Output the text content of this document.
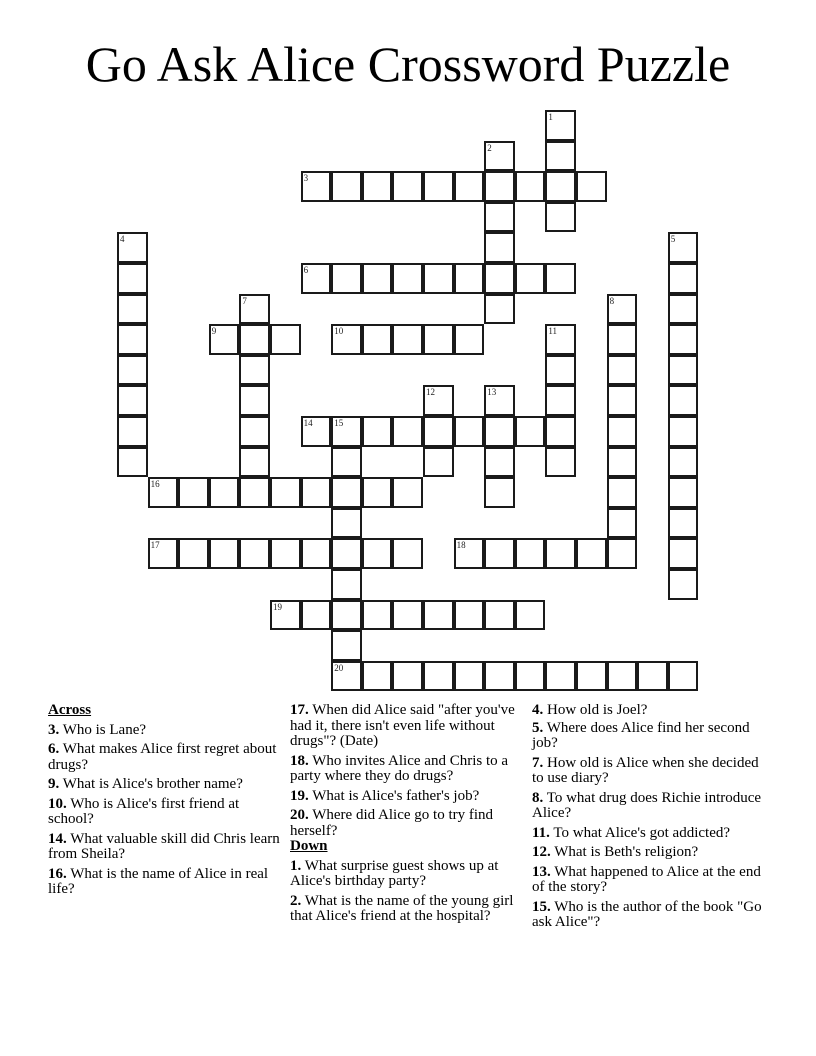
Go Ask Alice Crossword Puzzle
1
2
3
4	5
6
7	8
9	10	11
12	13
14 15
20
16
17	18
19
Across
3. Who is Lane?
6. What makes Alice first regret about drugs?
9. What is Alice's brother name?
10. Who is Alice's first friend at school?
14. What valuable skill did Chris learn from Sheila?
16. What is the name of Alice in real life?
17. When did Alice said "after you've had it, there isn't even life without drugs"? (Date)
18. Who invites Alice and Chris to a party where they do drugs?
19. What is Alice's father's job?
20. Where did Alice go to try find herself?
Down
1. What surprise guest shows up at Alice's birthday party?
2. What is the name of the young girl that Alice's friend at the hospital?
4. How old is Joel?
5. Where does Alice find her second job?
7. How old is Alice when she decided to use diary?
8. To what drug does Richie introduce Alice?
11. To what Alice's got addicted?
12. What is Beth's religion?
13. What happened to Alice at the end of the story?
15. Who is the author of the book "Go ask Alice"?
